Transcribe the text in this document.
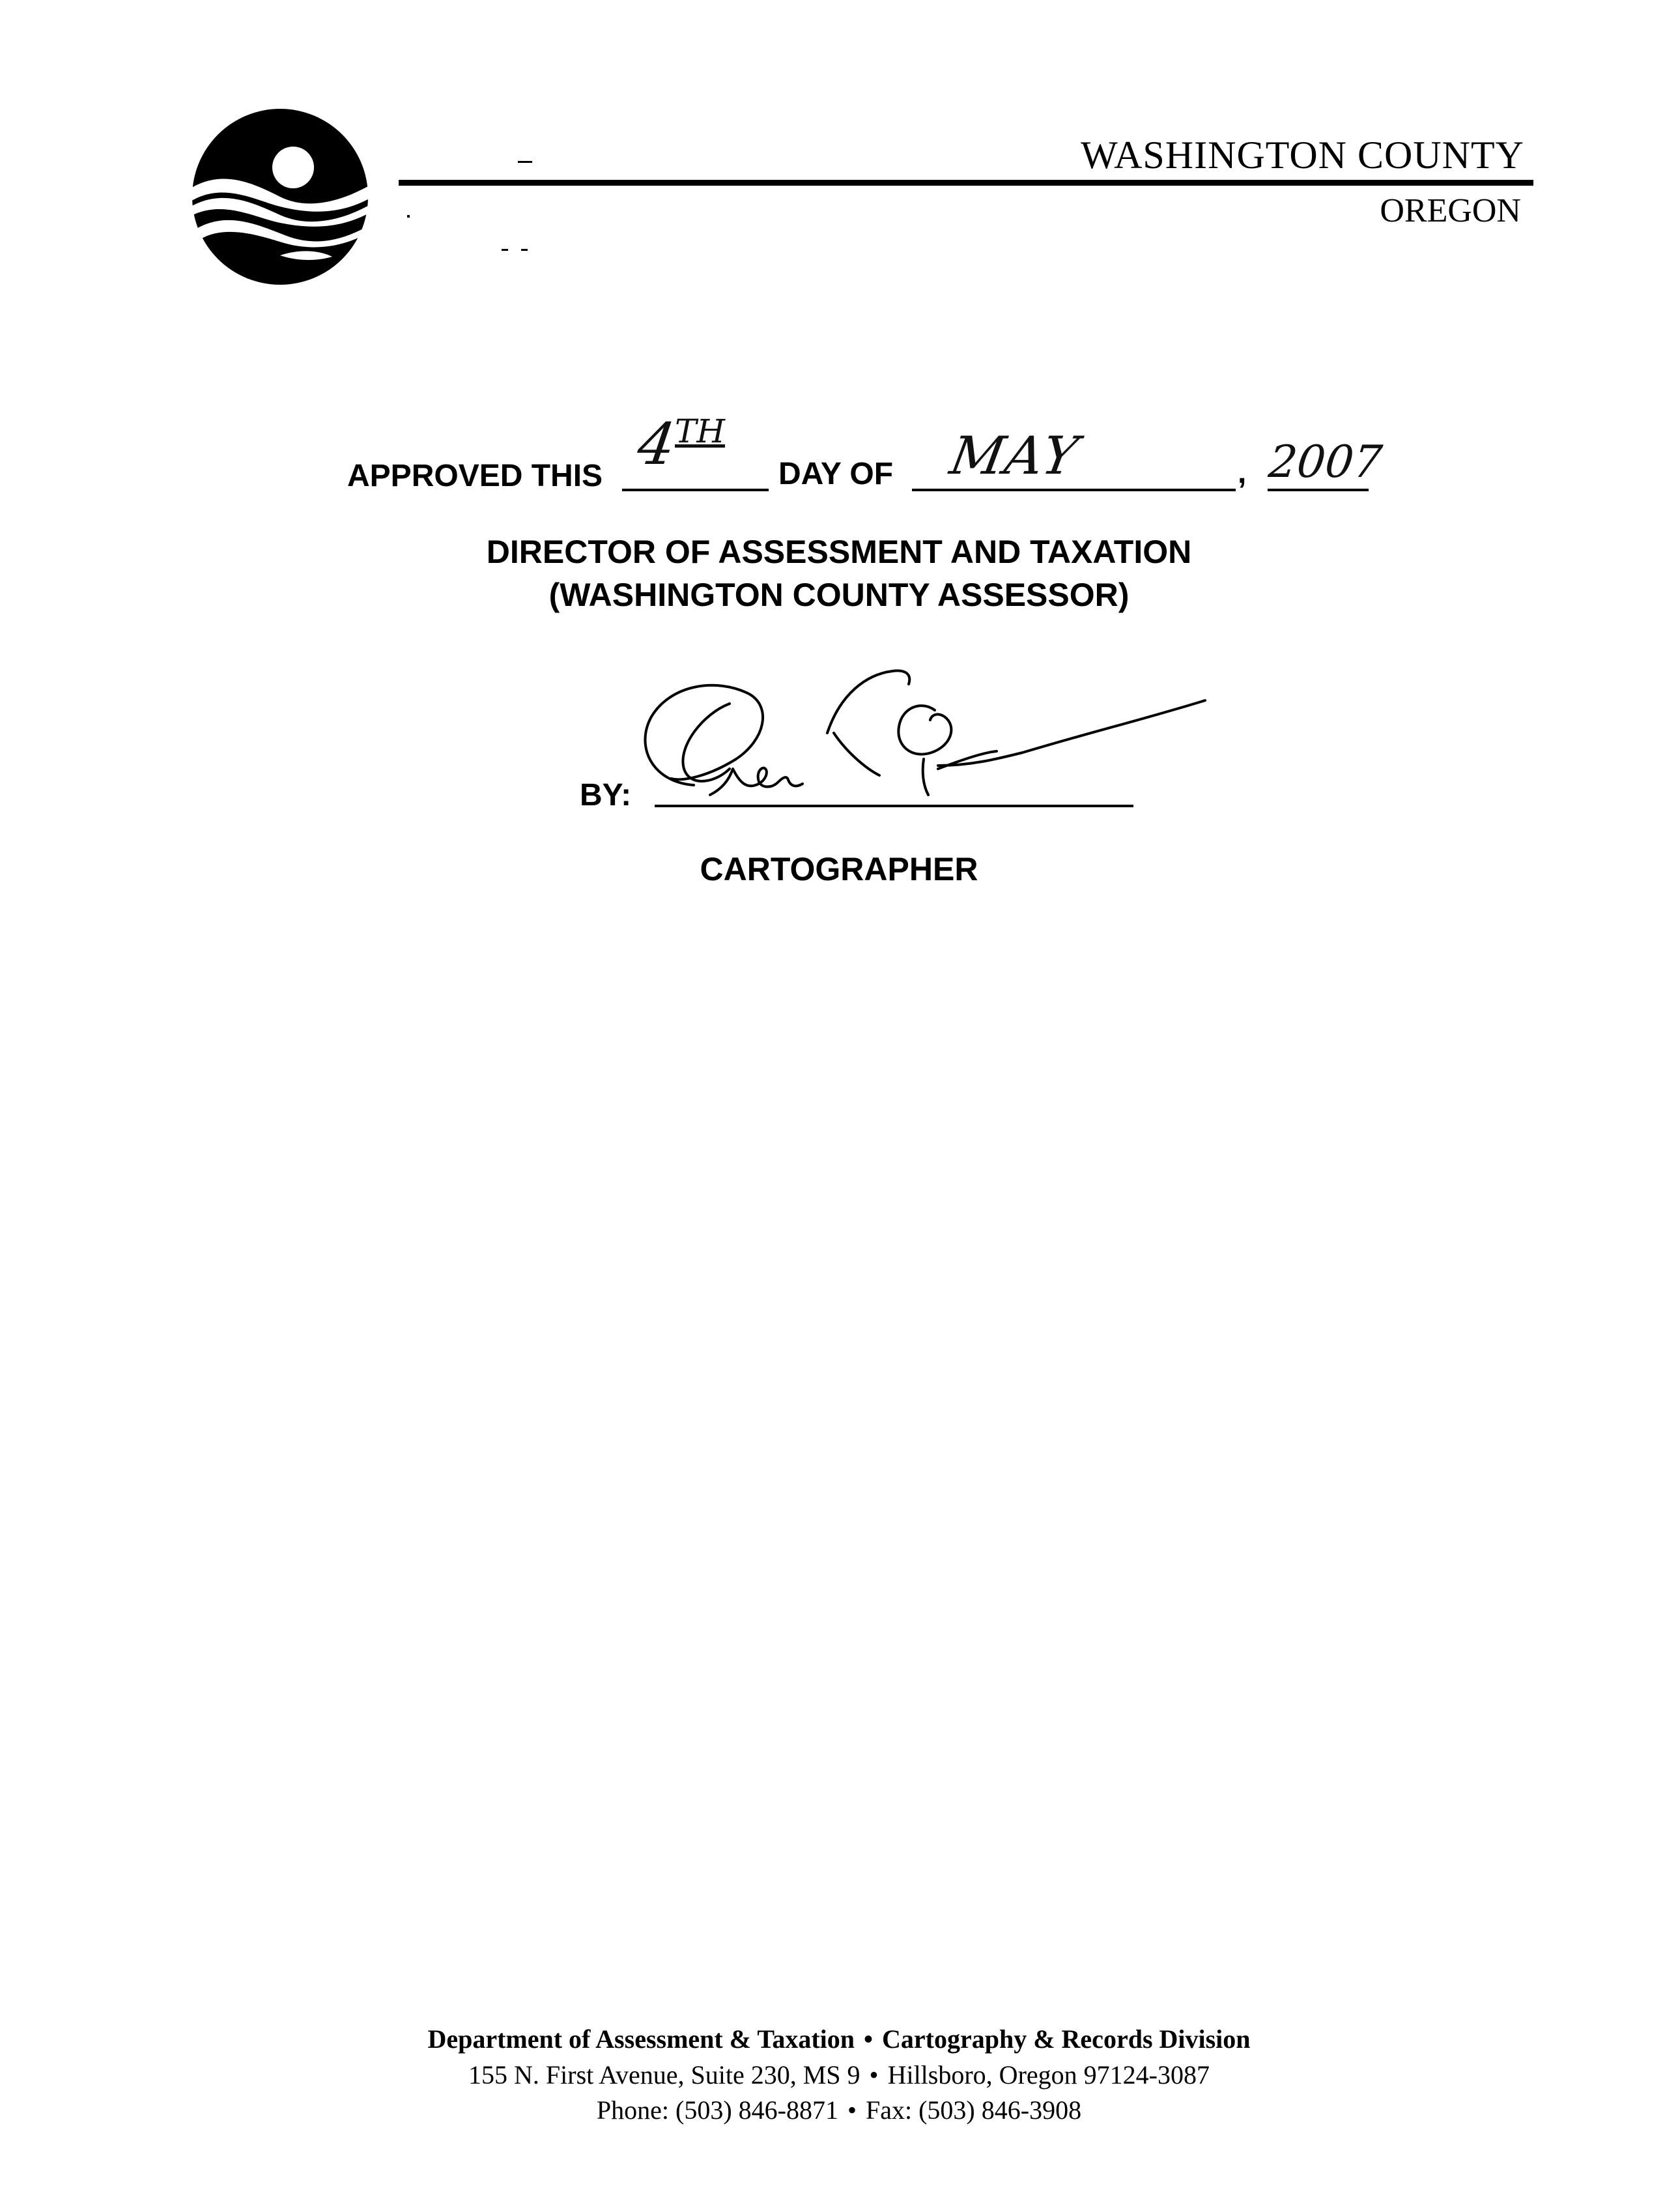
WASHINGTON COUNTY
OREGON
APPROVED THIS 4TH
DAY OF MAY	, 2007
DIRECTOR OF ASSESSMENT AND TAXATION
(WASHINGTON COUNTY ASSESSOR)
BY:
CARTOGRAPHER
Department of Assessment & Taxation • Cartography & Records Division
155 N. First Avenue, Suite 230, MS 9 • Hillsboro, Oregon 97124-3087
Phone: (503) 846-8871 • Fax: (503) 846-3908
